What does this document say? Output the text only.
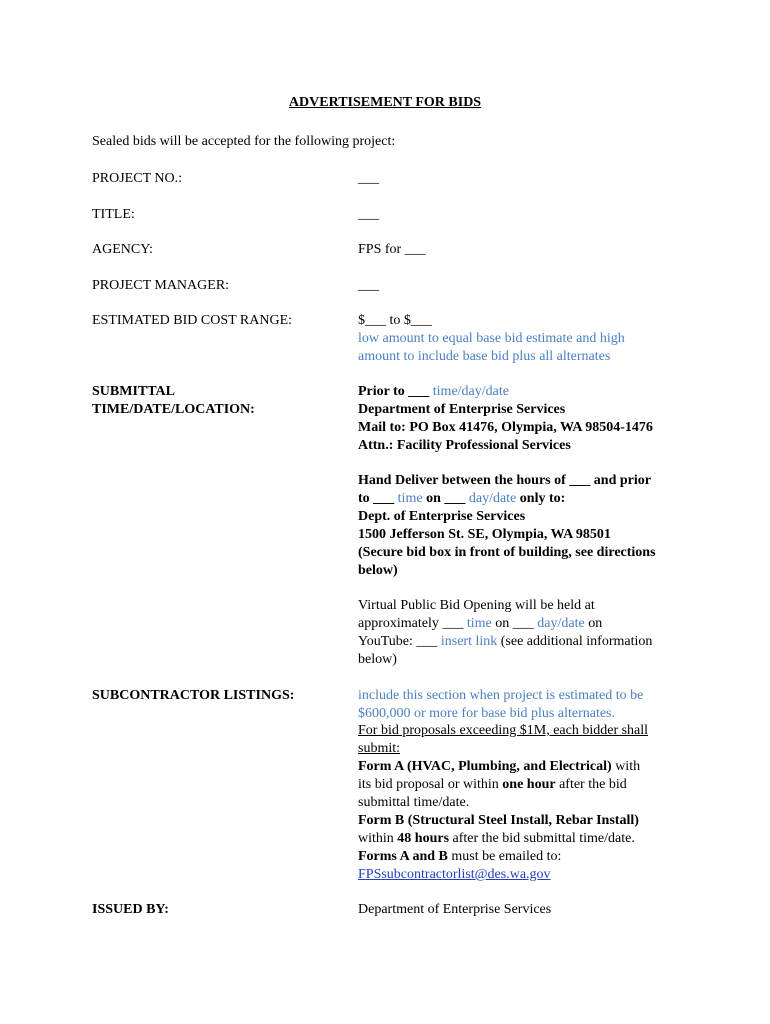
ADVERTISEMENT FOR BIDS
Sealed bids will be accepted for the following project:
PROJECT NO.:	___
TITLE:	___
AGENCY:	FPS for ___
PROJECT MANAGER:	___
ESTIMATED BID COST RANGE:	$___ to $___
low amount to equal base bid estimate and high
amount to include base bid plus all alternates
SUBMITTAL
TIME/DATE/LOCATION:
Prior to ___ time/day/date
Department of Enterprise Services
Mail to: PO Box 41476, Olympia, WA 98504-1476
Attn.: Facility Professional Services
Hand Deliver between the hours of ___ and prior
to ___ time on ___ day/date only to:
Dept. of Enterprise Services
1500 Jefferson St. SE, Olympia, WA 98501
(Secure bid box in front of building, see directions
below)
Virtual Public Bid Opening will be held at
approximately ___ time on ___ day/date on
YouTube: ___ insert link (see additional information
below)
SUBCONTRACTOR LISTINGS:	include this section when project is estimated to be
$600,000 or more for base bid plus alternates.
For bid proposals exceeding $1M, each bidder shall
submit:
Form A (HVAC, Plumbing, and Electrical) with
its bid proposal or within one hour after the bid
submittal time/date.
Form B (Structural Steel Install, Rebar Install)
within 48 hours after the bid submittal time/date.
Forms A and B must be emailed to:
FPSsubcontractorlist@des.wa.gov
ISSUED BY:	Department of Enterprise Services
